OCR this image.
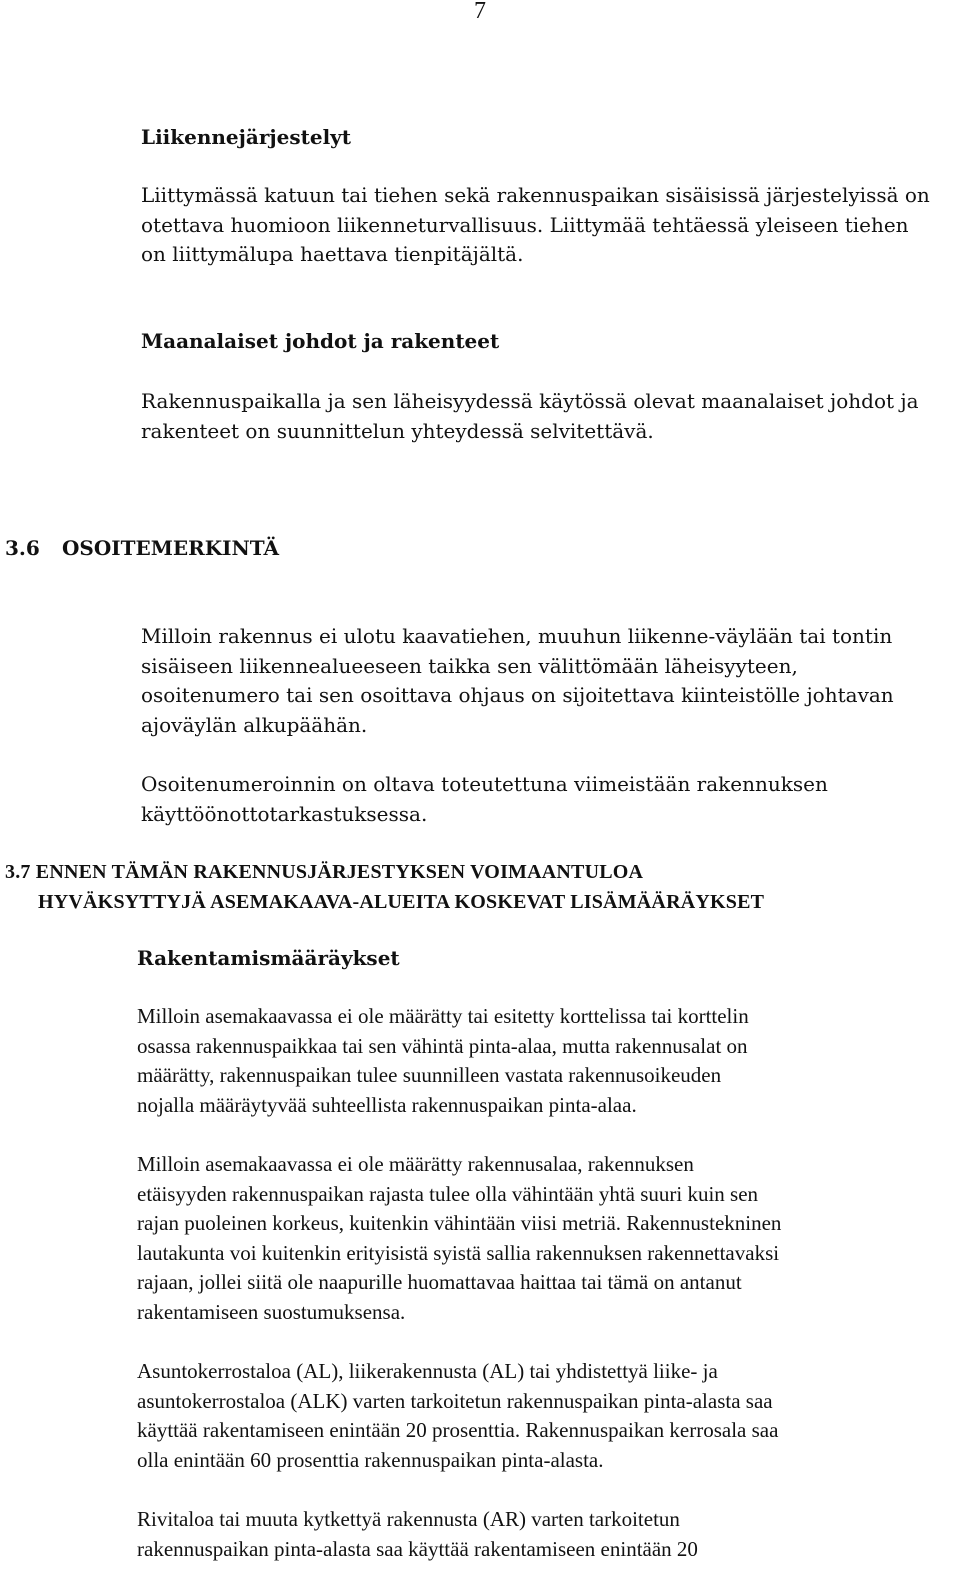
7
Liikennejärjestelyt
Liittymässä katuun tai tiehen sekä rakennuspaikan sisäisissä järjestelyissä on
otettava huomioon liikenneturvallisuus. Liittymää tehtäessä yleiseen tiehen
on liittymälupa haettava tienpitäjältä.
Maanalaiset johdot ja rakenteet
Rakennuspaikalla ja sen läheisyydessä käytössä olevat maanalaiset johdot ja
rakenteet on suunnittelun yhteydessä selvitettävä.
3.6 OSOITEMERKINTÄ
Milloin rakennus ei ulotu kaavatiehen, muuhun liikenne-väylään tai tontin
sisäiseen liikennealueeseen taikka sen välittömään läheisyyteen,
osoitenumero tai sen osoittava ohjaus on sijoitettava kiinteistölle johtavan
ajoväylän alkupäähän.
Osoitenumeroinnin on oltava toteutettuna viimeistään rakennuksen
käyttöönottotarkastuksessa.
3.7 ENNEN TÄMÄN RAKENNUSJÄRJESTYKSEN VOIMAANTULOA
HYVÄKSYTTYJÄ ASEMAKAAVA-ALUEITA KOSKEVAT LISÄMÄÄRÄYKSET
Rakentamismääräykset
Milloin asemakaavassa ei ole määrätty tai esitetty korttelissa tai korttelin
osassa rakennuspaikkaa tai sen vähintä pinta-alaa, mutta rakennusalat on
määrätty, rakennuspaikan tulee suunnilleen vastata rakennusoikeuden
nojalla määräytyvää suhteellista rakennuspaikan pinta-alaa.
Milloin asemakaavassa ei ole määrätty rakennusalaa, rakennuksen
etäisyyden rakennuspaikan rajasta tulee olla vähintään yhtä suuri kuin sen
rajan puoleinen korkeus, kuitenkin vähintään viisi metriä. Rakennustekninen
lautakunta voi kuitenkin erityisistä syistä sallia rakennuksen rakennettavaksi
rajaan, jollei siitä ole naapurille huomattavaa haittaa tai tämä on antanut
rakentamiseen suostumuksensa.
Asuntokerrostaloa (AL), liikerakennusta (AL) tai yhdistettyä liike- ja
asuntokerrostaloa (ALK) varten tarkoitetun rakennuspaikan pinta-alasta saa
käyttää rakentamiseen enintään 20 prosenttia. Rakennuspaikan kerrosala saa
olla enintään 60 prosenttia rakennuspaikan pinta-alasta.
Rivitaloa tai muuta kytkettyä rakennusta (AR) varten tarkoitetun
rakennuspaikan pinta-alasta saa käyttää rakentamiseen enintään 20
